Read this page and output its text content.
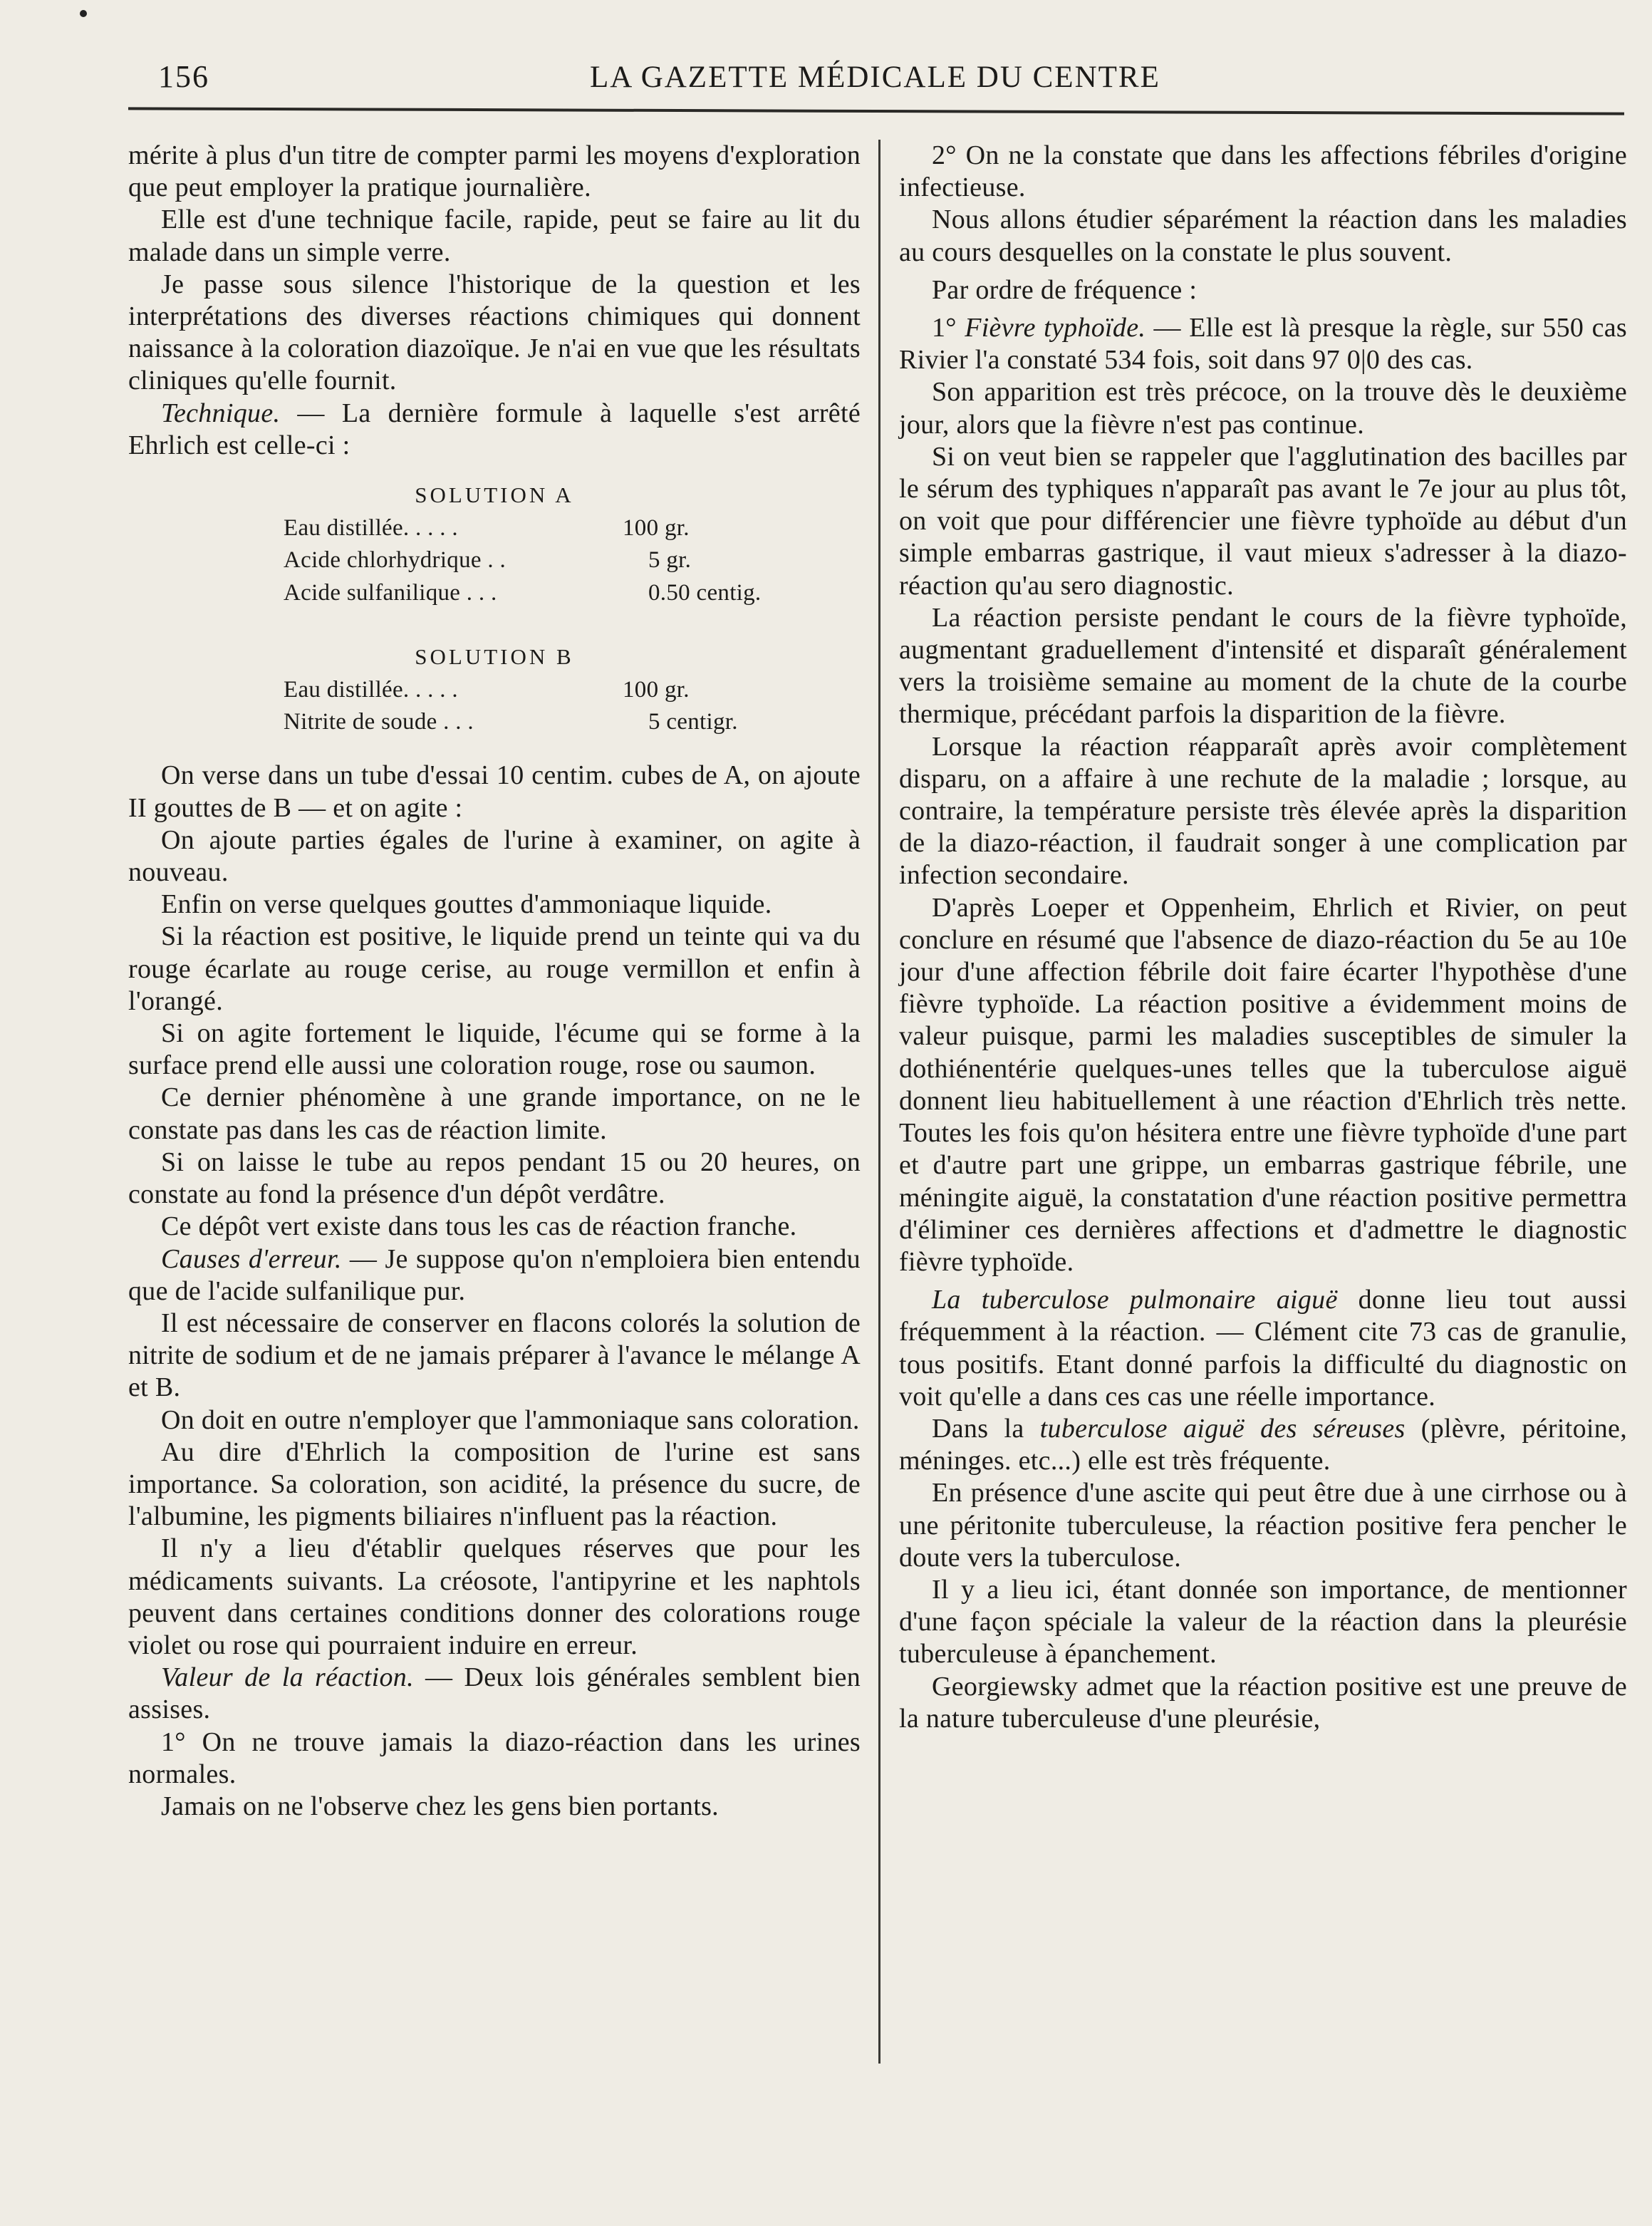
156	LA GAZETTE MÉDICALE DU CENTRE

mérite à plus d'un titre de compter parmi les moyens d'exploration que peut employer la pratique journalière.

Elle est d'une technique facile, rapide, peut se faire au lit du malade dans un simple verre.

Je passe sous silence l'historique de la question et les interprétations des diverses réactions chimiques qui donnent naissance à la coloration diazoïque. Je n'ai en vue que les résultats cliniques qu'elle fournit.

Technique. — La dernière formule à laquelle s'est arrêté Ehrlich est celle-ci :

SOLUTION A
Eau distillée. . . . .	100 gr.
Acide chlorhydrique . .	5 gr.
Acide sulfanilique . . .	0.50 centig.
SOLUTION B
Eau distillée. . . . .	100 gr.
Nitrite de soude . . .	5 centigr.

On verse dans un tube d'essai 10 centim. cubes de A, on ajoute II gouttes de B — et on agite :

On ajoute parties égales de l'urine à examiner, on agite à nouveau.

Enfin on verse quelques gouttes d'ammoniaque liquide.

Si la réaction est positive, le liquide prend un teinte qui va du rouge écarlate au rouge cerise, au rouge vermillon et enfin à l'orangé.

Si on agite fortement le liquide, l'écume qui se forme à la surface prend elle aussi une coloration rouge, rose ou saumon.

Ce dernier phénomène à une grande importance, on ne le constate pas dans les cas de réaction limite.

Si on laisse le tube au repos pendant 15 ou 20 heures, on constate au fond la présence d'un dépôt verdâtre.

Ce dépôt vert existe dans tous les cas de réaction franche.

Causes d'erreur. — Je suppose qu'on n'emploiera bien entendu que de l'acide sulfanilique pur.

Il est nécessaire de conserver en flacons colorés la solution de nitrite de sodium et de ne jamais préparer à l'avance le mélange A et B.

On doit en outre n'employer que l'ammoniaque sans coloration.

Au dire d'Ehrlich la composition de l'urine est sans importance. Sa coloration, son acidité, la présence du sucre, de l'albumine, les pigments biliaires n'influent pas la réaction.

Il n'y a lieu d'établir quelques réserves que pour les médicaments suivants. La créosote, l'antipyrine et les naphtols peuvent dans certaines conditions donner des colorations rouge violet ou rose qui pourraient induire en erreur.

Valeur de la réaction. — Deux lois générales semblent bien assises.

1° On ne trouve jamais la diazo-réaction dans les urines normales.

Jamais on ne l'observe chez les gens bien portants.

2° On ne la constate que dans les affections fébriles d'origine infectieuse.

Nous allons étudier séparément la réaction dans les maladies au cours desquelles on la constate le plus souvent.

Par ordre de fréquence :

1° Fièvre typhoïde. — Elle est là presque la règle, sur 550 cas Rivier l'a constaté 534 fois, soit dans 97 0|0 des cas.

Son apparition est très précoce, on la trouve dès le deuxième jour, alors que la fièvre n'est pas continue.

Si on veut bien se rappeler que l'agglutination des bacilles par le sérum des typhiques n'apparaît pas avant le 7e jour au plus tôt, on voit que pour différencier une fièvre typhoïde au début d'un simple embarras gastrique, il vaut mieux s'adresser à la diazo-réaction qu'au sero diagnostic.

La réaction persiste pendant le cours de la fièvre typhoïde, augmentant graduellement d'intensité et disparaît généralement vers la troisième semaine au moment de la chute de la courbe thermique, précédant parfois la disparition de la fièvre.

Lorsque la réaction réapparaît après avoir complètement disparu, on a affaire à une rechute de la maladie ; lorsque, au contraire, la température persiste très élevée après la disparition de la diazo-réaction, il faudrait songer à une complication par infection secondaire.

D'après Loeper et Oppenheim, Ehrlich et Rivier, on peut conclure en résumé que l'absence de diazo-réaction du 5e au 10e jour d'une affection fébrile doit faire écarter l'hypothèse d'une fièvre typhoïde. La réaction positive a évidemment moins de valeur puisque, parmi les maladies susceptibles de simuler la dothiénentérie quelques-unes telles que la tuberculose aiguë donnent lieu habituellement à une réaction d'Ehrlich très nette. Toutes les fois qu'on hésitera entre une fièvre typhoïde d'une part et d'autre part une grippe, un embarras gastrique fébrile, une méningite aiguë, la constatation d'une réaction positive permettra d'éliminer ces dernières affections et d'admettre le diagnostic fièvre typhoïde.

La tuberculose pulmonaire aiguë donne lieu tout aussi fréquemment à la réaction. — Clément cite 73 cas de granulie, tous positifs. Etant donné parfois la difficulté du diagnostic on voit qu'elle a dans ces cas une réelle importance.

Dans la tuberculose aiguë des séreuses (plèvre, péritoine, méninges. etc...) elle est très fréquente.

En présence d'une ascite qui peut être due à une cirrhose ou à une péritonite tuberculeuse, la réaction positive fera pencher le doute vers la tuberculose.

Il y a lieu ici, étant donnée son importance, de mentionner d'une façon spéciale la valeur de la réaction dans la pleurésie tuberculeuse à épanchement.

Georgiewsky admet que la réaction positive est une preuve de la nature tuberculeuse d'une pleurésie,
